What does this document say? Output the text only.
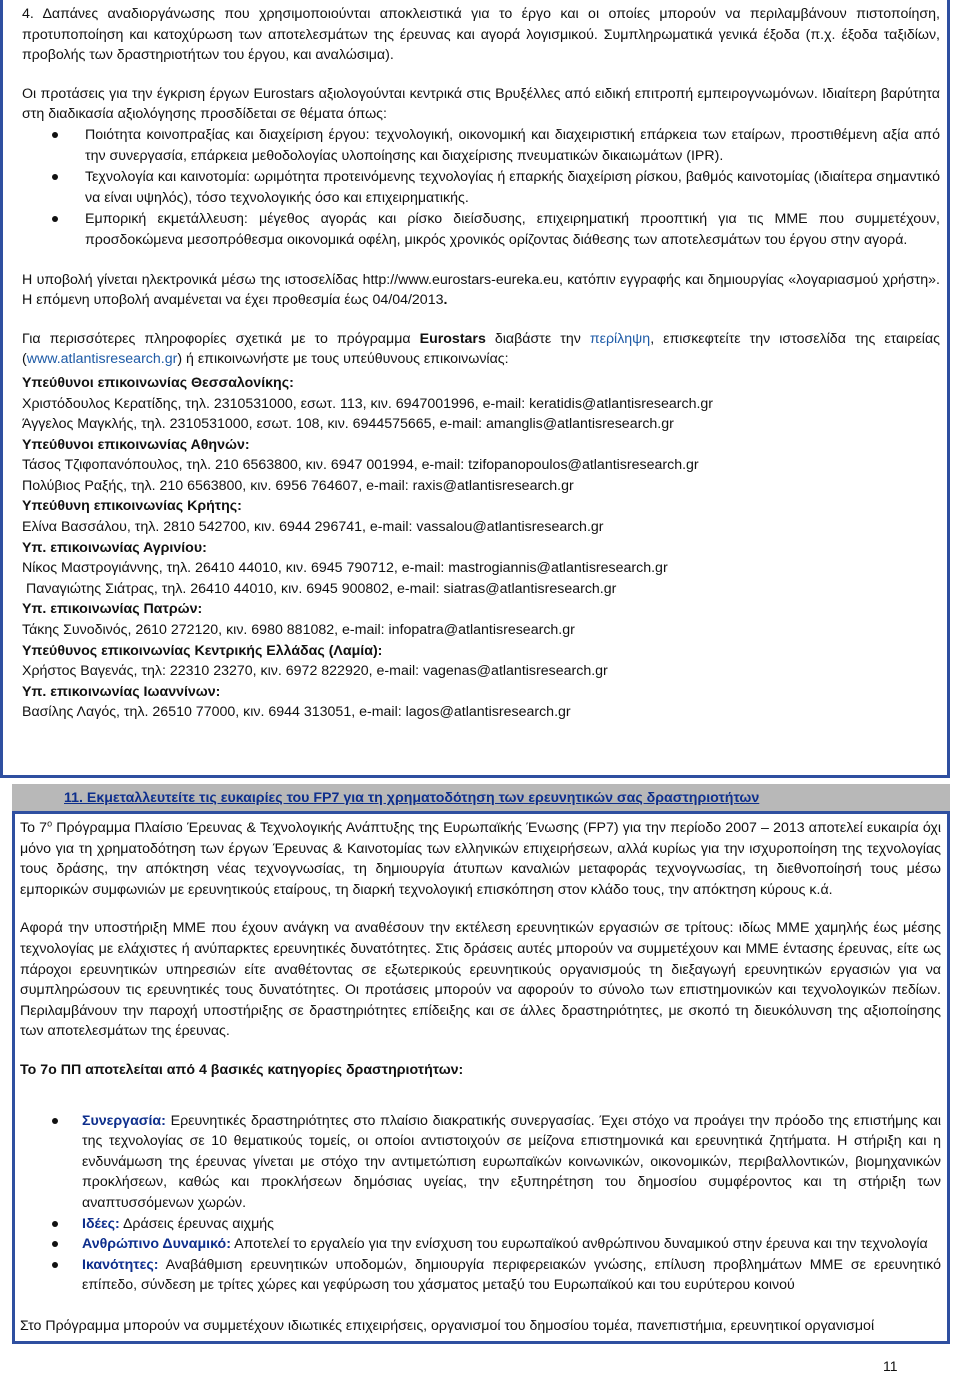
4. Δαπάνες αναδιοργάνωσης που χρησιμοποιούνται αποκλειστικά για το έργο και οι οποίες μπορούν να περιλαμβάνουν πιστοποίηση, προτυποποίηση και κατοχύρωση των αποτελεσμάτων της έρευνας και αγορά λογισμικού. Συμπληρωματικά γενικά έξοδα (π.χ. έξοδα ταξιδίων, προβολής των δραστηριοτήτων του έργου, και αναλώσιμα).

Οι προτάσεις για την έγκριση έργων Eurostars αξιολογούνται κεντρικά στις Βρυξέλλες από ειδική επιτροπή εμπειρογνωμόνων. Ιδιαίτερη βαρύτητα στη διαδικασία αξιολόγησης προσδίδεται σε θέματα όπως:

Ποιότητα κοινοπραξίας και διαχείριση έργου: τεχνολογική, οικονομική και διαχειριστική επάρκεια των εταίρων, προστιθέμενη αξία από την συνεργασία, επάρκεια μεθοδολογίας υλοποίησης και διαχείρισης πνευματικών δικαιωμάτων (IPR).
Τεχνολογία και καινοτομία: ωριμότητα προτεινόμενης τεχνολογίας ή επαρκής διαχείριση ρίσκου, βαθμός καινοτομίας (ιδιαίτερα σημαντικό να είναι υψηλός), τόσο τεχνολογικής όσο και επιχειρηματικής.
Εμπορική εκμετάλλευση: μέγεθος αγοράς και ρίσκο διείσδυσης, επιχειρηματική προοπτική για τις ΜΜΕ που συμμετέχουν, προσδοκώμενα μεσοπρόθεσμα οικονομικά οφέλη, μικρός χρονικός ορίζοντας διάθεσης των αποτελεσμάτων του έργου στην αγορά.

Η υποβολή γίνεται ηλεκτρονικά μέσω της ιστοσελίδας http://www.eurostars-eureka.eu, κατόπιν εγγραφής και δημιουργίας «λογαριασμού χρήστη». Η επόμενη υποβολή αναμένεται να έχει προθεσμία έως 04/04/2013.

Για περισσότερες πληροφορίες σχετικά με το πρόγραμμα Eurostars διαβάστε την περίληψη, επισκεφτείτε την ιστοσελίδα της εταιρείας (www.atlantisresearch.gr) ή επικοινωνήστε με τους υπεύθυνους επικοινωνίας:

Υπεύθυνοι επικοινωνίας Θεσσαλονίκης:
Χριστόδουλος Κερατίδης, τηλ. 2310531000, εσωτ. 113, κιν. 6947001996, e-mail: keratidis@atlantisresearch.gr
Άγγελος Μαγκλής, τηλ. 2310531000, εσωτ. 108, κιν. 6944575665, e-mail: amanglis@atlantisresearch.gr
Υπεύθυνοι επικοινωνίας Αθηνών:
Τάσος Τζιφοπανόπουλος, τηλ. 210 6563800, κιν. 6947 001994, e-mail: tzifopanopoulos@atlantisresearch.gr
Πολύβιος Ραξής, τηλ. 210 6563800, κιν. 6956 764607, e-mail: raxis@atlantisresearch.gr
Υπεύθυνη επικοινωνίας Κρήτης:
Ελίνα Βασσάλου, τηλ. 2810 542700, κιν. 6944 296741, e-mail: vassalou@atlantisresearch.gr
Υπ. επικοινωνίας Αγρινίου:
Νίκος Μαστρογιάννης, τηλ. 26410 44010, κιν. 6945 790712, e-mail: mastrogiannis@atlantisresearch.gr
Παναγιώτης Σιάτρας, τηλ. 26410 44010, κιν. 6945 900802, e-mail: siatras@atlantisresearch.gr
Υπ. επικοινωνίας Πατρών:
Τάκης Συνοδινός, 2610 272120, κιν. 6980 881082, e-mail: infopatra@atlantisresearch.gr
Υπεύθυνος επικοινωνίας Κεντρικής Ελλάδας (Λαμία):
Χρήστος Βαγενάς, τηλ: 22310 23270, κιν. 6972 822920, e-mail: vagenas@atlantisresearch.gr
Υπ. επικοινωνίας Ιωαννίνων:
Βασίλης Λαγός, τηλ. 26510 77000, κιν. 6944 313051, e-mail: lagos@atlantisresearch.gr
11. Εκμεταλλευτείτε τις ευκαιρίες του FP7 για τη χρηματοδότηση των ερευνητικών σας δραστηριοτήτων

Το $7^o$ Πρόγραμμα Πλαίσιο Έρευνας & Τεχνολογικής Ανάπτυξης της Ευρωπαϊκής Ένωσης (FP7) για την περίοδο 2007 – 2013 αποτελεί ευκαιρία όχι μόνο για τη χρηματοδότηση των έργων Έρευνας & Καινοτομίας των ελληνικών επιχειρήσεων, αλλά κυρίως για την ισχυροποίηση της τεχνολογίας τους δράσης, την απόκτηση νέας τεχνογνωσίας, τη δημιουργία άτυπων καναλιών μεταφοράς τεχνογνωσίας, τη διεθνοποίησή τους μέσω εμπορικών συμφωνιών με ερευνητικούς εταίρους, τη διαρκή τεχνολογική επισκόπηση στον κλάδο τους, την απόκτηση κύρους κ.ά.

Αφορά την υποστήριξη ΜΜΕ που έχουν ανάγκη να αναθέσουν την εκτέλεση ερευνητικών εργασιών σε τρίτους: ιδίως ΜΜΕ χαμηλής έως μέσης τεχνολογίας με ελάχιστες ή ανύπαρκτες ερευνητικές δυνατότητες. Στις δράσεις αυτές μπορούν να συμμετέχουν και ΜΜΕ έντασης έρευνας, είτε ως πάροχοι ερευνητικών υπηρεσιών είτε αναθέτοντας σε εξωτερικούς ερευνητικούς οργανισμούς τη διεξαγωγή ερευνητικών εργασιών για να συμπληρώσουν τις ερευνητικές τους δυνατότητες. Οι προτάσεις μπορούν να αφορούν το σύνολο των επιστημονικών και τεχνολογικών πεδίων. Περιλαμβάνουν την παροχή υποστήριξης σε δραστηριότητες επίδειξης και σε άλλες δραστηριότητες, με σκοπό τη διευκόλυνση της αξιοποίησης των αποτελεσμάτων της έρευνας.

Το 7ο ΠΠ αποτελείται από 4 βασικές κατηγορίες δραστηριοτήτων:

Συνεργασία: Ερευνητικές δραστηριότητες στο πλαίσιο διακρατικής συνεργασίας. Έχει στόχο να προάγει την πρόοδο της επιστήμης και της τεχνολογίας σε 10 θεματικούς τομείς, οι οποίοι αντιστοιχούν σε μείζονα επιστημονικά και ερευνητικά ζητήματα. Η στήριξη και η ενδυνάμωση της έρευνας γίνεται με στόχο την αντιμετώπιση ευρωπαϊκών κοινωνικών, οικονομικών, περιβαλλοντικών, βιομηχανικών προκλήσεων, καθώς και προκλήσεων δημόσιας υγείας, την εξυπηρέτηση του δημοσίου συμφέροντος και τη στήριξη των αναπτυσσόμενων χωρών.
Ιδέες: Δράσεις έρευνας αιχμής
Ανθρώπινο Δυναμικό: Αποτελεί το εργαλείο για την ενίσχυση του ευρωπαϊκού ανθρώπινου δυναμικού στην έρευνα και την τεχνολογία
Ικανότητες: Αναβάθμιση ερευνητικών υποδομών, δημιουργία περιφερειακών γνώσης, επίλυση προβλημάτων ΜΜΕ σε ερευνητικό επίπεδο, σύνδεση με τρίτες χώρες και γεφύρωση του χάσματος μεταξύ του Ευρωπαϊκού και του ευρύτερου κοινού

Στο Πρόγραμμα μπορούν να συμμετέχουν ιδιωτικές επιχειρήσεις, οργανισμοί του δημοσίου τομέα, πανεπιστήμια, ερευνητικοί οργανισμοί

11
